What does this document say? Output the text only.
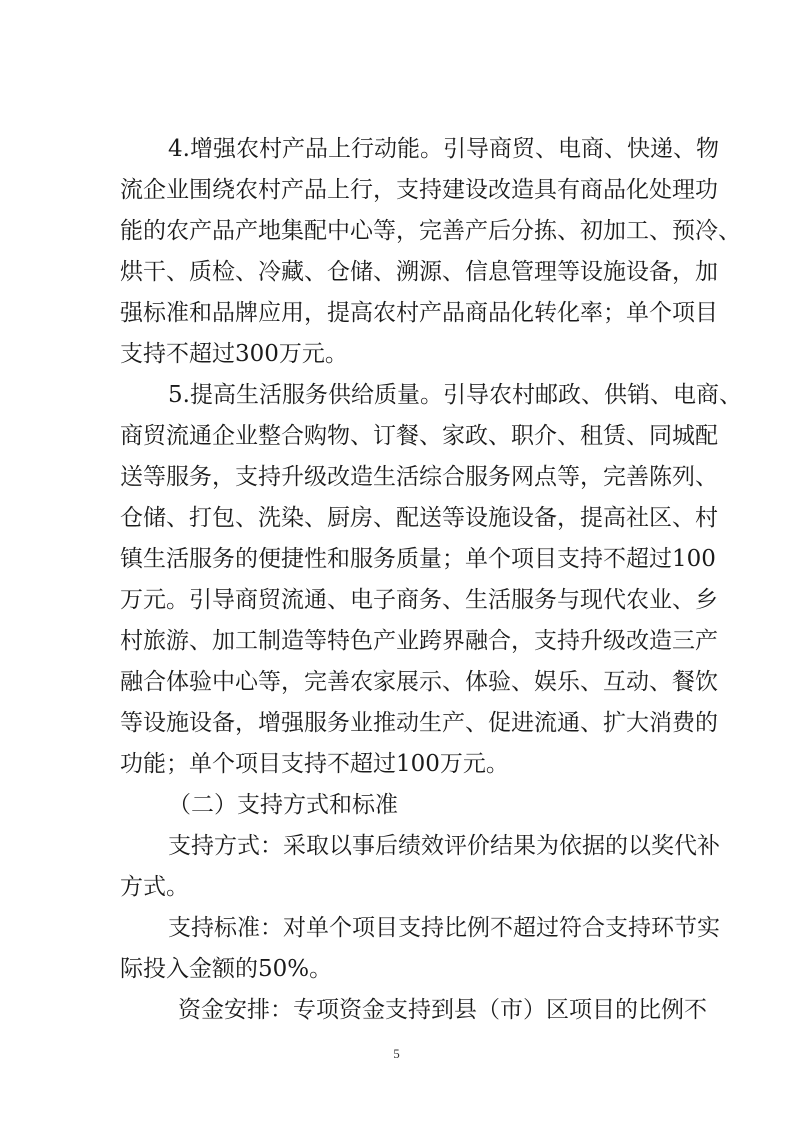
4.增强农村产品上行动能。引导商贸、电商、快递、物
流企业围绕农村产品上行，支持建设改造具有商品化处理功
能的农产品产地集配中心等，完善产后分拣、初加工、预冷、
烘干、质检、冷藏、仓储、溯源、信息管理等设施设备，加
强标准和品牌应用，提高农村产品商品化转化率；单个项目
支持不超过300万元。
5.提高生活服务供给质量。引导农村邮政、供销、电商、
商贸流通企业整合购物、订餐、家政、职介、租赁、同城配
送等服务，支持升级改造生活综合服务网点等，完善陈列、
仓储、打包、洗染、厨房、配送等设施设备，提高社区、村
镇生活服务的便捷性和服务质量；单个项目支持不超过100
万元。引导商贸流通、电子商务、生活服务与现代农业、乡
村旅游、加工制造等特色产业跨界融合，支持升级改造三产
融合体验中心等，完善农家展示、体验、娱乐、互动、餐饮
等设施设备，增强服务业推动生产、促进流通、扩大消费的
功能；单个项目支持不超过100万元。
（二）支持方式和标准
支持方式：采取以事后绩效评价结果为依据的以奖代补
方式。
支持标准：对单个项目支持比例不超过符合支持环节实
际投入金额的50%。
资金安排：专项资金支持到县（市）区项目的比例不
5
